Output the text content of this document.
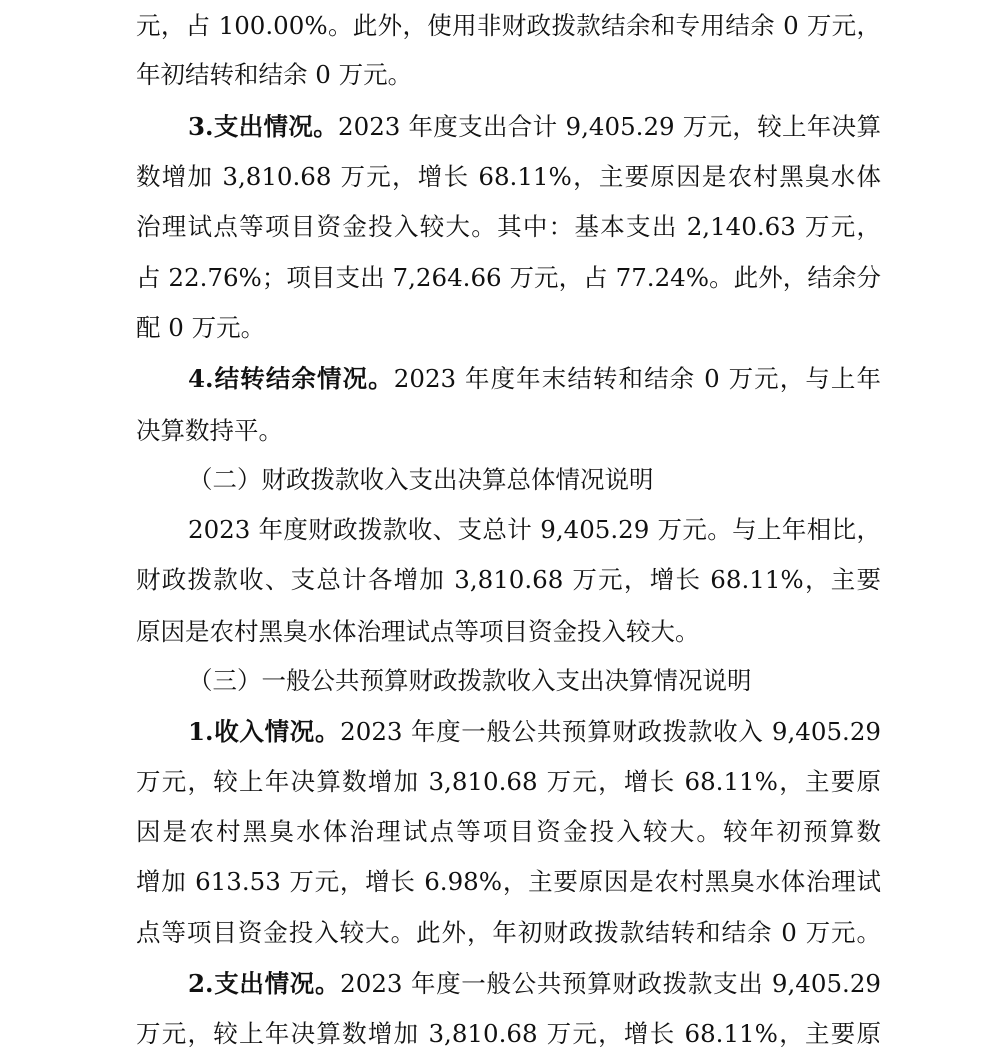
元，占 100.00%。此外，使用非财政拨款结余和专用结余 0 万元，
年初结转和结余 0 万元。
3.支出情况。2023 年度支出合计 9,405.29 万元，较上年决算
数增加 3,810.68 万元，增长 68.11%，主要原因是农村黑臭水体
治理试点等项目资金投入较大。其中：基本支出 2,140.63 万元，
占 22.76%；项目支出 7,264.66 万元，占 77.24%。此外，结余分
配 0 万元。
4.结转结余情况。2023 年度年末结转和结余 0 万元，与上年
决算数持平。
（二）财政拨款收入支出决算总体情况说明
2023 年度财政拨款收、支总计 9,405.29 万元。与上年相比，
财政拨款收、支总计各增加 3,810.68 万元，增长 68.11%，主要
原因是农村黑臭水体治理试点等项目资金投入较大。
（三）一般公共预算财政拨款收入支出决算情况说明
1.收入情况。2023 年度一般公共预算财政拨款收入 9,405.29
万元，较上年决算数增加 3,810.68 万元，增长 68.11%，主要原
因是农村黑臭水体治理试点等项目资金投入较大。较年初预算数
增加 613.53 万元，增长 6.98%，主要原因是农村黑臭水体治理试
点等项目资金投入较大。此外，年初财政拨款结转和结余 0 万元。
2.支出情况。2023 年度一般公共预算财政拨款支出 9,405.29
万元，较上年决算数增加 3,810.68 万元，增长 68.11%，主要原
